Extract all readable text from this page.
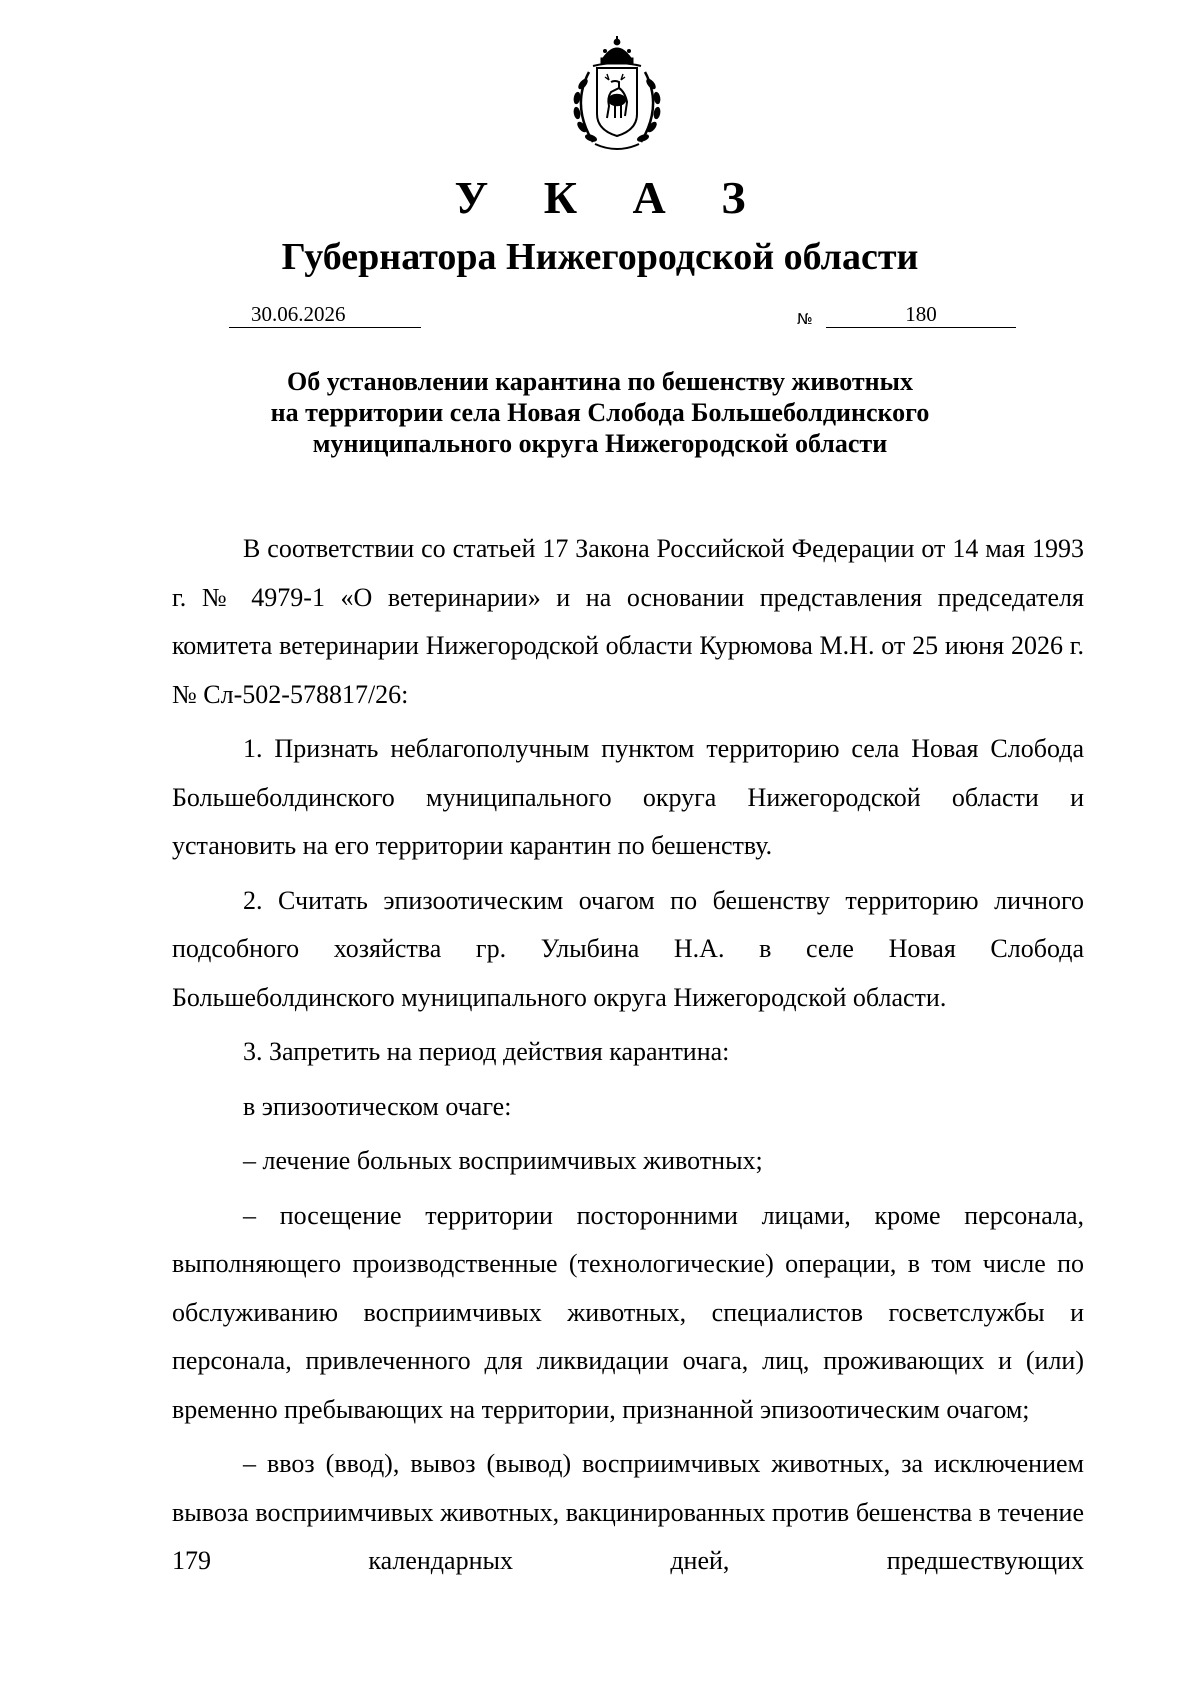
У К А З
Губернатора Нижегородской области
30.06.2026	№	180
Об установлении карантина по бешенству животных
на территории села Новая Слобода Большеболдинского
муниципального округа Нижегородской области

В соответствии со статьей 17 Закона Российской Федерации от 14 мая 1993 г. № 4979-1 «О ветеринарии» и на основании представления председателя комитета ветеринарии Нижегородской области Курюмова М.Н. от 25 июня 2026 г. № Сл-502-578817/26:

1. Признать неблагополучным пунктом территорию села Новая Слобода Большеболдинского муниципального округа Нижегородской области и установить на его территории карантин по бешенству.

2. Считать эпизоотическим очагом по бешенству территорию личного подсобного хозяйства гр. Улыбина Н.А. в селе Новая Слобода Большеболдинского муниципального округа Нижегородской области.

3. Запретить на период действия карантина:

в эпизоотическом очаге:

– лечение больных восприимчивых животных;

– посещение территории посторонними лицами, кроме персонала, выполняющего производственные (технологические) операции, в том числе по обслуживанию восприимчивых животных, специалистов госветслужбы и персонала, привлеченного для ликвидации очага, лиц, проживающих и (или) временно пребывающих на территории, признанной эпизоотическим очагом;

– ввоз (ввод), вывоз (вывод) восприимчивых животных, за исключением вывоза восприимчивых животных, вакцинированных против бешенства в течение 179 календарных дней, предшествующих
